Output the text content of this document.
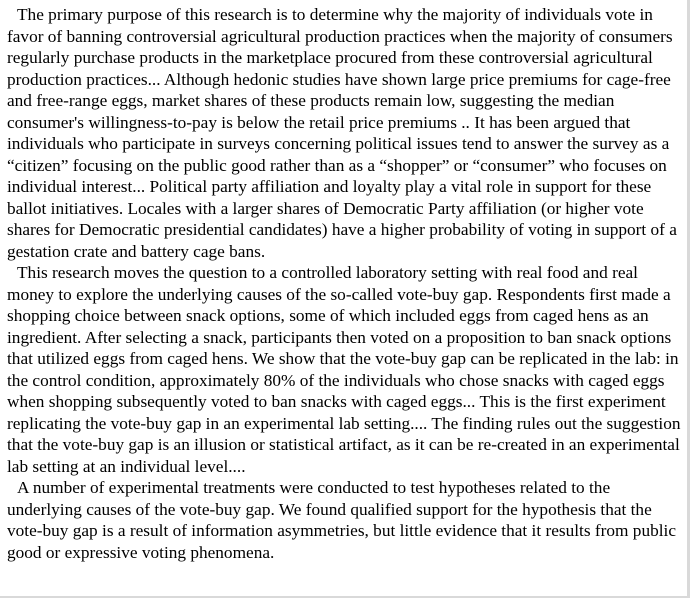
The primary purpose of this research is to determine why the majority of individuals vote in favor of banning controversial agricultural production practices when the majority of consumers regularly purchase products in the marketplace procured from these controversial agricultural production practices... Although hedonic studies have shown large price premiums for cage-free and free-range eggs, market shares of these products remain low, suggesting the median consumer's willingness-to-pay is below the retail price premiums .. It has been argued that individuals who participate in surveys concerning political issues tend to answer the survey as a “citizen” focusing on the public good rather than as a “shopper” or “consumer” who focuses on individual interest... Political party affiliation and loyalty play a vital role in support for these ballot initiatives. Locales with a larger shares of Democratic Party affiliation (or higher vote shares for Democratic presidential candidates) have a higher probability of voting in support of a gestation crate and battery cage bans.

This research moves the question to a controlled laboratory setting with real food and real money to explore the underlying causes of the so-called vote-buy gap. Respondents first made a shopping choice between snack options, some of which included eggs from caged hens as an ingredient. After selecting a snack, participants then voted on a proposition to ban snack options that utilized eggs from caged hens. We show that the vote-buy gap can be replicated in the lab: in the control condition, approximately 80% of the individuals who chose snacks with caged eggs when shopping subsequently voted to ban snacks with caged eggs... This is the first experiment replicating the vote-buy gap in an experimental lab setting.... The finding rules out the suggestion that the vote-buy gap is an illusion or statistical artifact, as it can be re-created in an experimental lab setting at an individual level....

A number of experimental treatments were conducted to test hypotheses related to the underlying causes of the vote-buy gap. We found qualified support for the hypothesis that the vote-buy gap is a result of information asymmetries, but little evidence that it results from public good or expressive voting phenomena.
